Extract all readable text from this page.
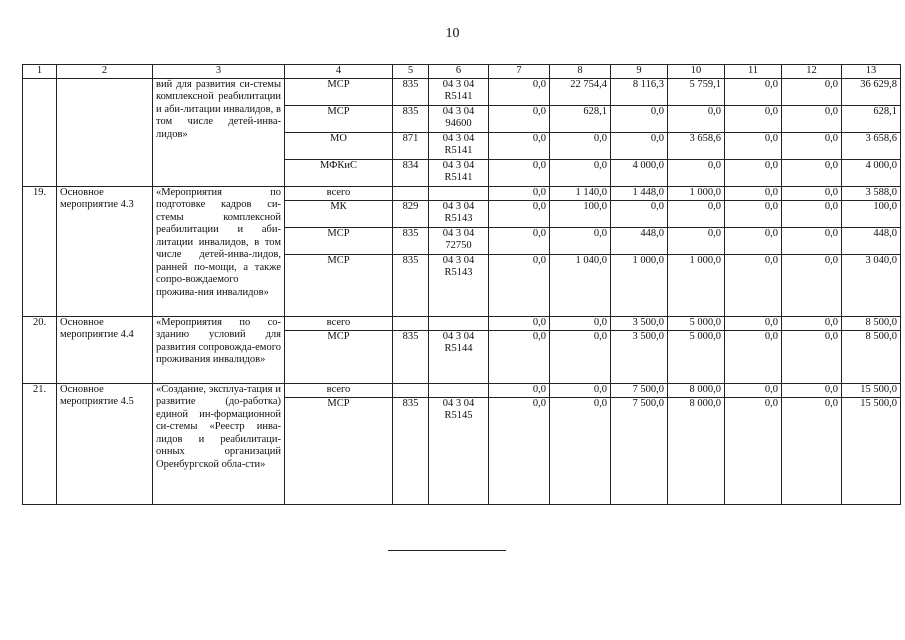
10
1	2	3	4	5	6	7	8	9	10	11	12	13
		вий для развития си-стемы комплексной реабилитации и аби-литации инвалидов, в том числе детей-инва-лидов»	МСР	835	04 3 04 R5141	0,0	22 754,4	8 116,3	5 759,1	0,0	0,0	36 629,8
			МСР	835	04 3 04 94600	0,0	628,1	0,0	0,0	0,0	0,0	628,1
			МО	871	04 3 04 R5141	0,0	0,0	0,0	3 658,6	0,0	0,0	3 658,6
			МФКиС	834	04 3 04 R5141	0,0	0,0	4 000,0	0,0	0,0	0,0	4 000,0
19.	Основное мероприятие 4.3	«Мероприятия по подготовке кадров си-стемы комплексной реабилитации и аби-литации инвалидов, в том числе детей-инва-лидов, ранней по-мощи, а также сопро-вождаемого прожива-ния инвалидов»	всего			0,0	1 140,0	1 448,0	1 000,0	0,0	0,0	3 588,0
			МК	829	04 3 04 R5143	0,0	100,0	0,0	0,0	0,0	0,0	100,0
			МСР	835	04 3 04 72750	0,0	0,0	448,0	0,0	0,0	0,0	448,0
			МСР	835	04 3 04 R5143	0,0	1 040,0	1 000,0	1 000,0	0,0	0,0	3 040,0
20.	Основное мероприятие 4.4	«Мероприятия по со-зданию условий для развития сопровожда-емого проживания инвалидов»	всего			0,0	0,0	3 500,0	5 000,0	0,0	0,0	8 500,0
			МСР	835	04 3 04 R5144	0,0	0,0	3 500,0	5 000,0	0,0	0,0	8 500,0
21.	Основное мероприятие 4.5	«Создание, эксплуа-тация и развитие (до-работка) единой ин-формационной си-стемы «Реестр инва-лидов и реабилитаци-онных организаций Оренбургской обла-сти»	всего			0,0	0,0	7 500,0	8 000,0	0,0	0,0	15 500,0
			МСР	835	04 3 04 R5145	0,0	0,0	7 500,0	8 000,0	0,0	0,0	15 500,0
